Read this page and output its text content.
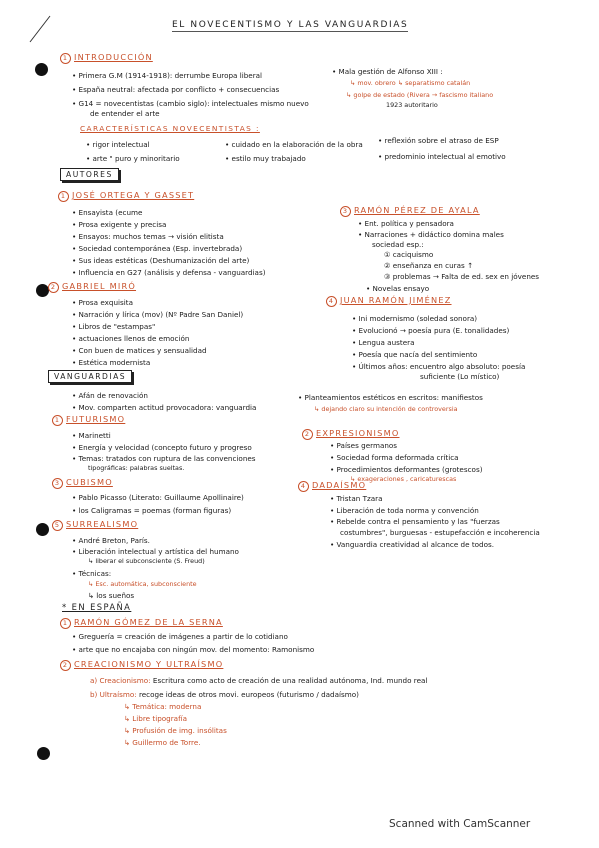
EL NOVECENTISMO Y LAS VANGUARDIAS
1 INTRODUCCIÓN
• Primera G.M (1914-1918): derrumbe Europa liberal
• España neutral: afectada por conflicto + consecuencias
• G14 = novecentistas (cambio siglo): intelectuales mismo nuevo
de entender el arte
• Mala gestión de Alfonso XIII :
↳ mov. obrero ↳ separatismo catalán
↳ golpe de estado (Rivera → fascismo italiano
1923 autoritario
CARACTERÍSTICAS NOVECENTISTAS :
• rigor intelectual	• cuidado en la elaboración de la obra • reflexión sobre el atraso de ESP
• arte " puro y minoritario	• estilo muy trabajado	• predominio intelectual al emotivo
AUTORES
1 JOSÉ ORTEGA Y GASSET
• Ensayista (ecume
• Prosa exigente y precisa
• Ensayos: muchos temas → visión elitista
• Sociedad contemporánea (Esp. invertebrada)
• Sus ideas estéticas (Deshumanización del arte)
• Influencia en G27 (análisis y defensa - vanguardias)
2 GABRIEL MIRÓ
• Prosa exquisita
• Narración y lírica (mov) (Nº Padre San Daniel)
• Libros de "estampas"
• actuaciones llenos de emoción
• Con buen de matices y sensualidad
• Estética modernista
3 RAMÓN PÉREZ DE AYALA
• Ent. política y pensadora
• Narraciones + didáctico domina males
sociedad esp.:
① caciquismo
② enseñanza en curas ↑
③ problemas → Falta de ed. sex en jóvenes
• Novelas ensayo
4 JUAN RAMÓN JIMÉNEZ
• Ini modernismo (soledad sonora)
• Evolucionó → poesía pura (E. tonalidades)
• Lengua austera
• Poesía que nacía del sentimiento
• Últimos años: encuentro algo absoluto: poesía
suficiente (Lo místico)
VANGUARDIAS
• Afán de renovación
• Mov. comparten actitud provocadora: vanguardia
• Planteamientos estéticos en escritos: manifiestos
↳ dejando claro su intención de controversia
1 FUTURISMO
• Marinetti
• Energía y velocidad (concepto futuro y progreso
• Temas: tratados con ruptura de las convenciones
tipográficas: palabras sueltas.
2 EXPRESIONISMO
• Países germanos
• Sociedad forma deformada crítica
• Procedimientos deformantes (grotescos)
↳ exageraciones , caricaturescas
3 CUBISMO
• Pablo Picasso (Literato: Guillaume Apollinaire)
• los Caligramas = poemas (forman figuras)
4 DADAÍSMO
• Tristan Tzara
• Liberación de toda norma y convención
• Rebelde contra el pensamiento y las "fuerzas
costumbres", burguesas - estupefacción e incoherencia
• Vanguardia creatividad al alcance de todos.
5 SURREALISMO
• André Breton, París.
• Liberación intelectual y artística del humano
↳ liberar el subconsciente (S. Freud)
• Técnicas:
↳ Esc. automática, subconsciente
↳ los sueños
* EN ESPAÑA
1 RAMÓN GÓMEZ DE LA SERNA
• Greguería = creación de imágenes a partir de lo cotidiano
• arte que no encajaba con ningún mov. del momento: Ramonismo
2 CREACIONISMO Y ULTRAÍSMO
a) Creacionismo: Escritura como acto de creación de una realidad autónoma, Ind. mundo real
b) Ultraísmo: recoge ideas de otros movi. europeos (futurismo / dadaísmo)
↳ Temática: moderna
↳ Libre tipografía
↳ Profusión de img. insólitas
↳ Guillermo de Torre.
Scanned with CamScanner
